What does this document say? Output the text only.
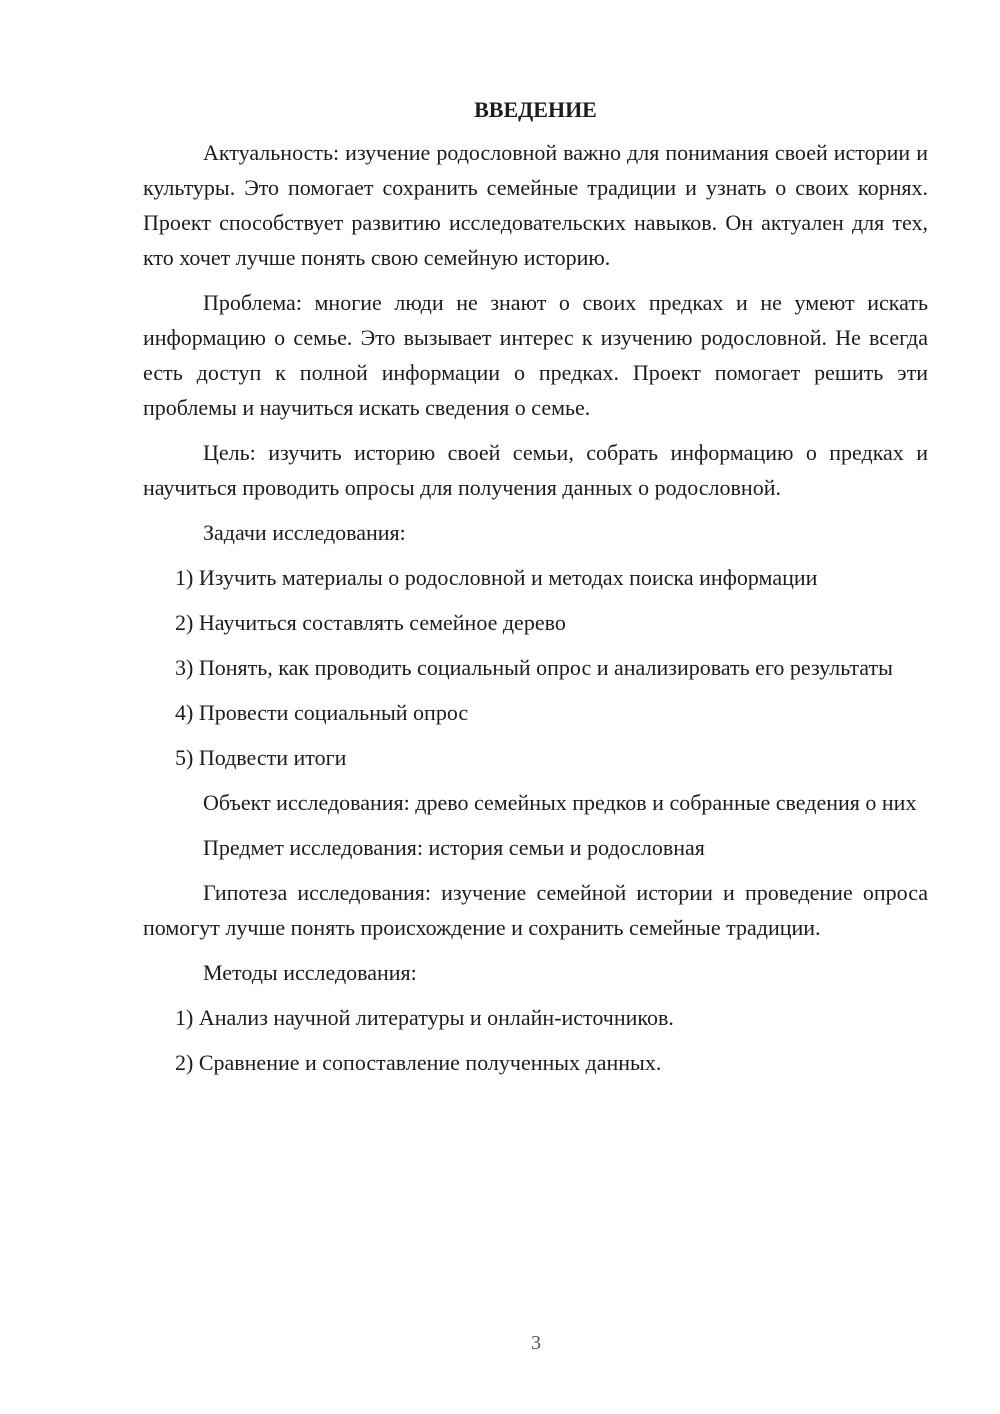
ВВЕДЕНИЕ

Актуальность: изучение родословной важно для понимания своей истории и культуры. Это помогает сохранить семейные традиции и узнать о своих корнях. Проект способствует развитию исследовательских навыков. Он актуален для тех, кто хочет лучше понять свою семейную историю.

Проблема: многие люди не знают о своих предках и не умеют искать информацию о семье. Это вызывает интерес к изучению родословной. Не всегда есть доступ к полной информации о предках. Проект помогает решить эти проблемы и научиться искать сведения о семье.

Цель: изучить историю своей семьи, собрать информацию о предках и научиться проводить опросы для получения данных о родословной.

Задачи исследования:

1) Изучить материалы о родословной и методах поиска информации

2) Научиться составлять семейное дерево

3) Понять, как проводить социальный опрос и анализировать его результаты

4) Провести социальный опрос

5) Подвести итоги

Объект исследования: древо семейных предков и собранные сведения о них

Предмет исследования: история семьи и родословная

Гипотеза исследования: изучение семейной истории и проведение опроса помогут лучше понять происхождение и сохранить семейные традиции.

Методы исследования:

1) Анализ научной литературы и онлайн-источников.

2) Сравнение и сопоставление полученных данных.

3
